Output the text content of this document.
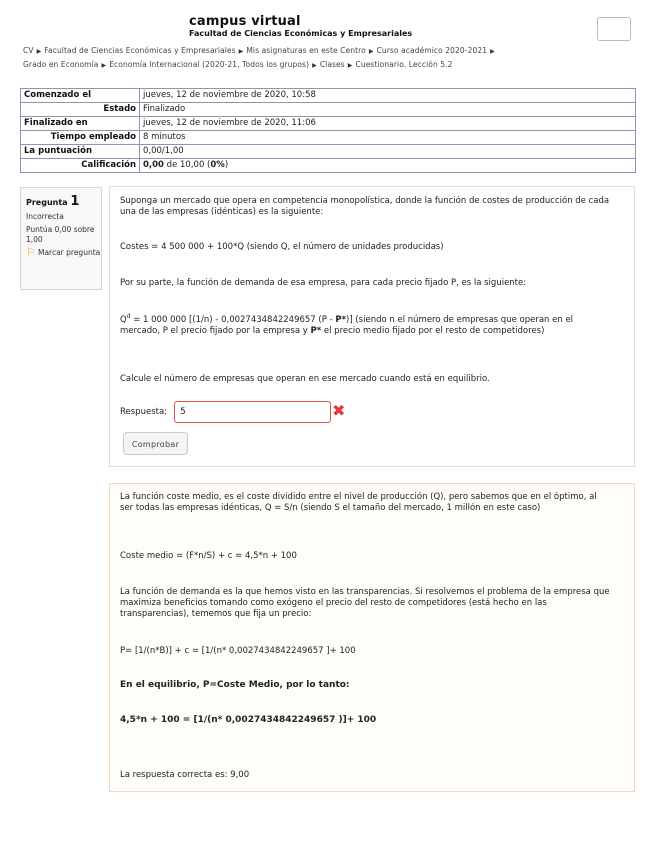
campus virtual
Facultad de Ciencias Económicas y Empresariales
CV ▶ Facultad de Ciencias Económicas y Empresariales ▶ Mis asignaturas en este Centro ▶ Curso académico 2020-2021 ▶
Grado en Economía ▶ Economía Internacional (2020-21, Todos los grupos) ▶ Clases ▶ Cuestionario. Lección 5.2
Comenzado el	jueves, 12 de noviembre de 2020, 10:58
Estado	Finalizado
Finalizado en	jueves, 12 de noviembre de 2020, 11:06
Tiempo empleado	8 minutos
La puntuación	0,00/1,00
Calificación	0,00 de 10,00 (0%)
Pregunta 1
Incorrecta
Puntúa 0,00 sobre 1,00
⚐ Marcar pregunta
Suponga un mercado que opera en competencia monopolística, donde la función de costes de producción de cada una de las empresas (idénticas) es la siguiente:
Costes = 4 500 000 + 100*Q (siendo Q, el número de unidades producidas)
Por su parte, la función de demanda de esa empresa, para cada precio fijado P, es la siguiente:
$Q^d = 1$ 000 000 [(1/n) - 0,0027434842249657 (P - P*)] (siendo n el número de empresas que operan en el mercado, P el precio fijado por la empresa y P* el precio medio fijado por el resto de competidores)
Calcule el número de empresas que operan en ese mercado cuando está en equilibrio.
Respuesta:
5	✖
Comprobar
La función coste medio, es el coste dividido entre el nivel de producción (Q), pero sabemos que en el óptimo, al ser todas las empresas idénticas, Q = S/n (siendo S el tamaño del mercado, 1 millón en este caso)
Coste medio = (F*n/S) + c = 4,5*n + 100
La función de demanda es la que hemos visto en las transparencias. Si resolvemos el problema de la empresa que maximiza beneficios tomando como exógeno el precio del resto de competidores (está hecho en las transparencias), tememos que fija un precio:
P= [1/(n*B)] + c = [1/(n* 0,0027434842249657 ]+ 100
En el equilibrio, P=Coste Medio, por lo tanto:
4,5*n + 100 = [1/(n* 0,0027434842249657 )]+ 100
La respuesta correcta es: 9,00
